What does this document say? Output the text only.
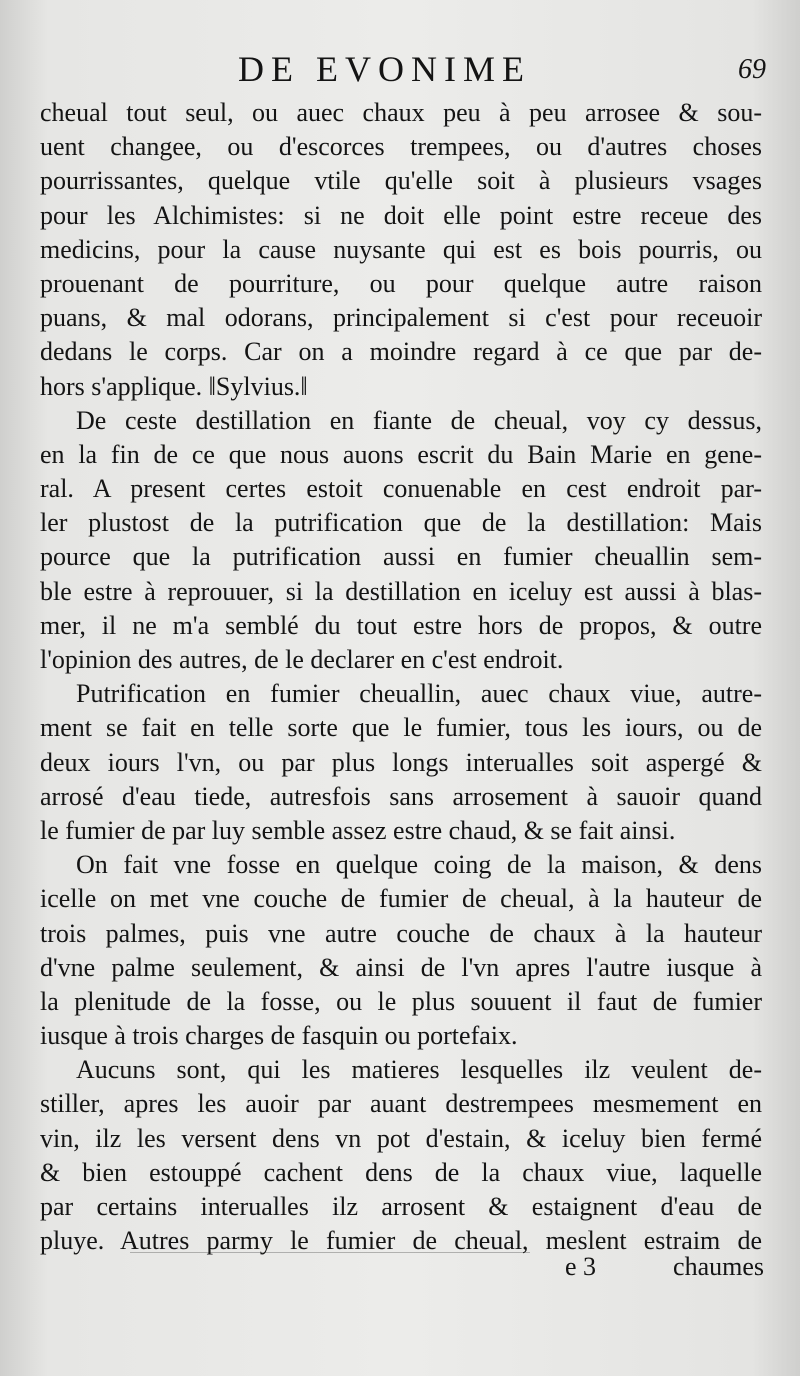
DE EVONIME	69
cheual tout seul, ou auec chaux peu à peu arrosee & sou-
uent changee, ou d'escorces trempees, ou d'autres choses
pourrissantes, quelque vtile qu'elle soit à plusieurs vsages
pour les Alchimistes: si ne doit elle point estre receue des
medicins, pour la cause nuysante qui est es bois pourris, ou
prouenant de pourriture, ou pour quelque autre raison
puans, & mal odorans, principalement si c'est pour receuoir
dedans le corps. Car on a moindre regard à ce que par de-
hors s'applique. ‖Sylvius.‖
De ceste destillation en fiante de cheual, voy cy dessus,
en la fin de ce que nous auons escrit du Bain Marie en gene-
ral. A present certes estoit conuenable en cest endroit par-
ler plustost de la putrification que de la destillation: Mais
pource que la putrification aussi en fumier cheuallin sem-
ble estre à reprouuer, si la destillation en iceluy est aussi à blas-
mer, il ne m'a semblé du tout estre hors de propos, & outre
l'opinion des autres, de le declarer en c'est endroit.
Putrification en fumier cheuallin, auec chaux viue, autre-
ment se fait en telle sorte que le fumier, tous les iours, ou de
deux iours l'vn, ou par plus longs interualles soit aspergé &
arrosé d'eau tiede, autresfois sans arrosement à sauoir quand
le fumier de par luy semble assez estre chaud, & se fait ainsi.
On fait vne fosse en quelque coing de la maison, & dens
icelle on met vne couche de fumier de cheual, à la hauteur de
trois palmes, puis vne autre couche de chaux à la hauteur
d'vne palme seulement, & ainsi de l'vn apres l'autre iusque à
la plenitude de la fosse, ou le plus souuent il faut de fumier
iusque à trois charges de fasquin ou portefaix.
Aucuns sont, qui les matieres lesquelles ilz veulent de-
stiller, apres les auoir par auant destrempees mesmement en
vin, ilz les versent dens vn pot d'estain, & iceluy bien fermé
& bien estouppé cachent dens de la chaux viue, laquelle
par certains interualles ilz arrosent & estaignent d'eau de
pluye. Autres parmy le fumier de cheual, meslent estraim de
e 3	chaumes
